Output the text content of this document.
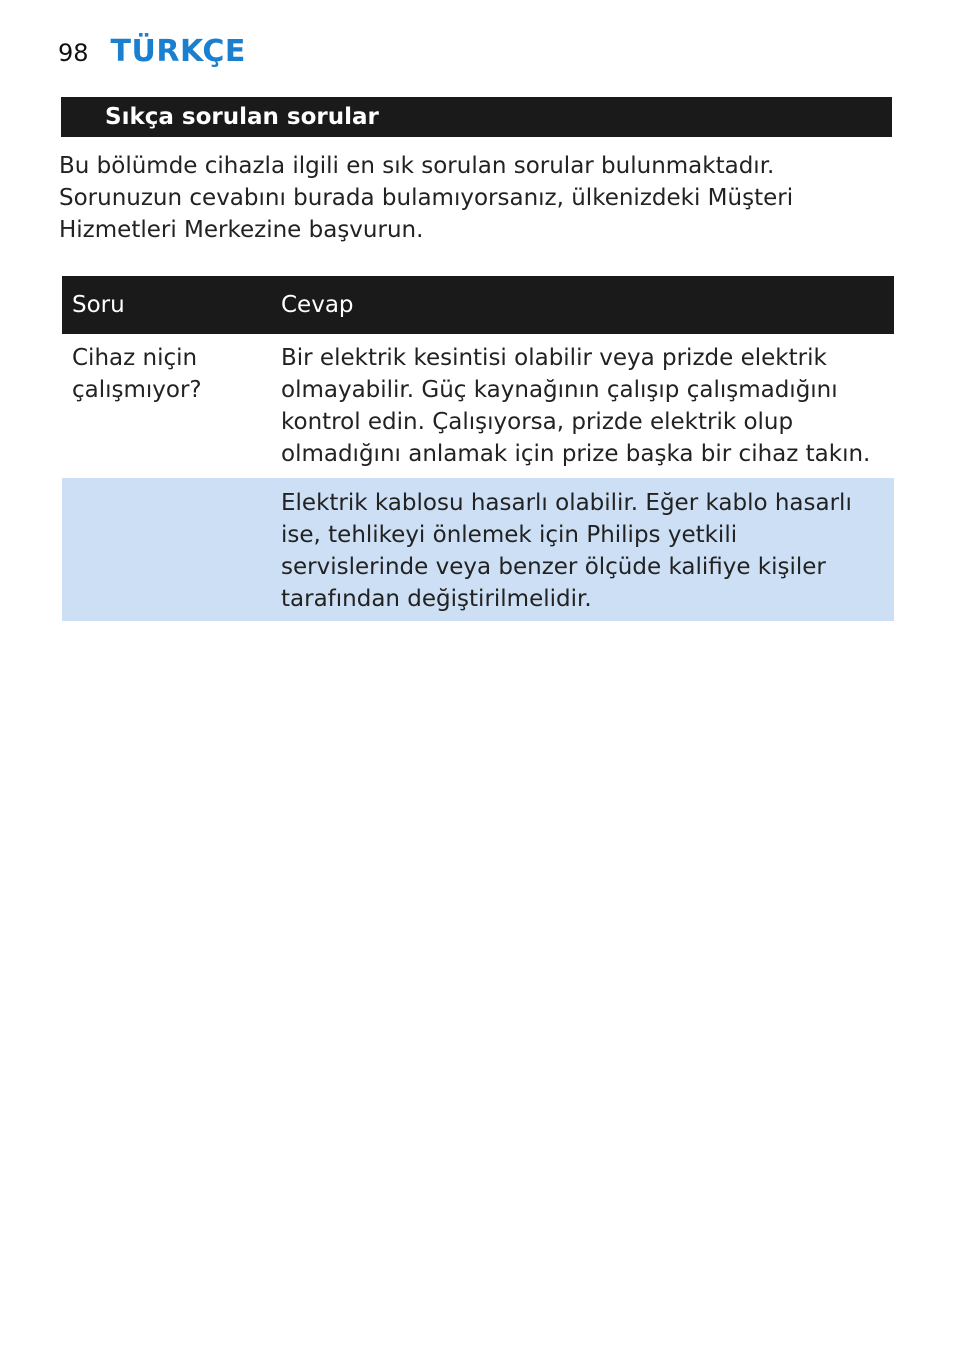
98 TÜRKÇE
Sıkça sorulan sorular

Bu bölümde cihazla ilgili en sık sorulan sorular bulunmaktadır. Sorunuzun cevabını burada bulamıyorsanız, ülkenizdeki Müşteri Hizmetleri Merkezine başvurun.

Soru	Cevap
Cihaz niçin çalışmıyor?	Bir elektrik kesintisi olabilir veya prizde elektrik olmayabilir. Güç kaynağının çalışıp çalışmadığını kontrol edin. Çalışıyorsa, prizde elektrik olup olmadığını anlamak için prize başka bir cihaz takın.
	Elektrik kablosu hasarlı olabilir. Eğer kablo hasarlı ise, tehlikeyi önlemek için Philips yetkili servislerinde veya benzer ölçüde kalifiye kişiler tarafından değiştirilmelidir.
